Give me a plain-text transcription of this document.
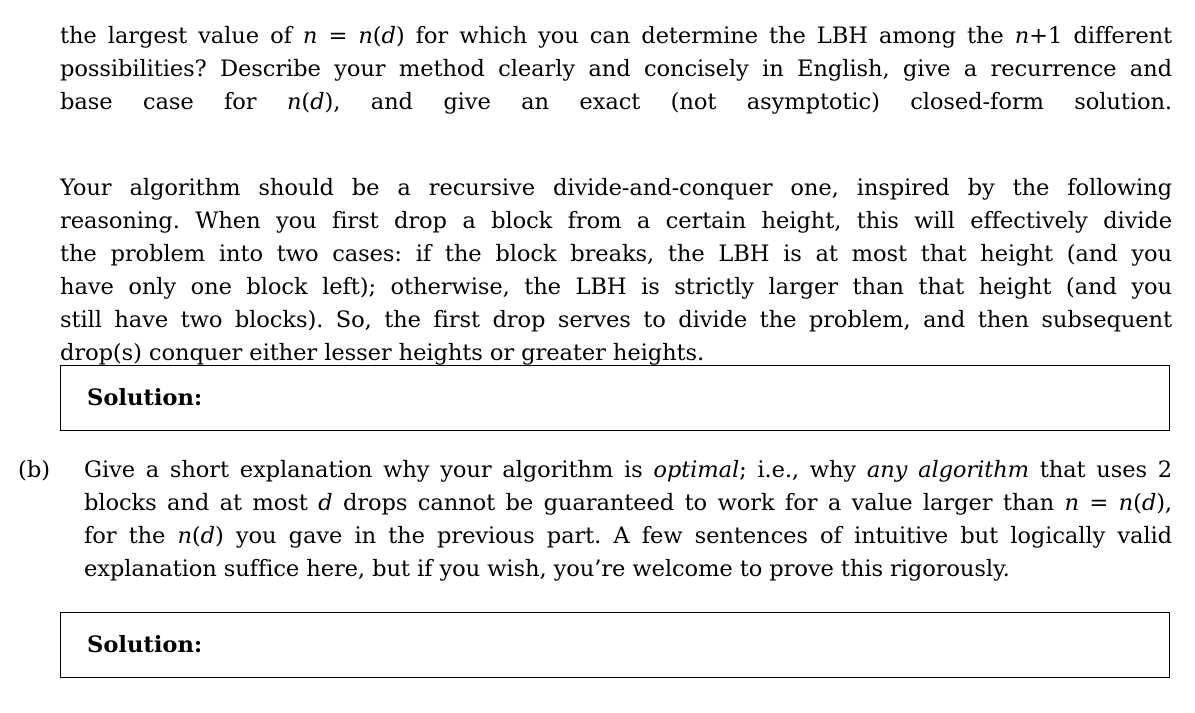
the largest value of n = n(d) for which you can determine the LBH among the n+1 different
possibilities? Describe your method clearly and concisely in English, give a recurrence and
base case for n(d), and give an exact (not asymptotic) closed-form solution.
Your algorithm should be a recursive divide-and-conquer one, inspired by the following
reasoning. When you first drop a block from a certain height, this will effectively divide
the problem into two cases: if the block breaks, the LBH is at most that height (and you
have only one block left); otherwise, the LBH is strictly larger than that height (and you
still have two blocks). So, the first drop serves to divide the problem, and then subsequent
drop(s) conquer either lesser heights or greater heights.
Solution:
(b) Give a short explanation why your algorithm is optimal; i.e., why any algorithm that uses 2
blocks and at most d drops cannot be guaranteed to work for a value larger than n = n(d),
for the n(d) you gave in the previous part. A few sentences of intuitive but logically valid
explanation suffice here, but if you wish, you’re welcome to prove this rigorously.
Solution:
